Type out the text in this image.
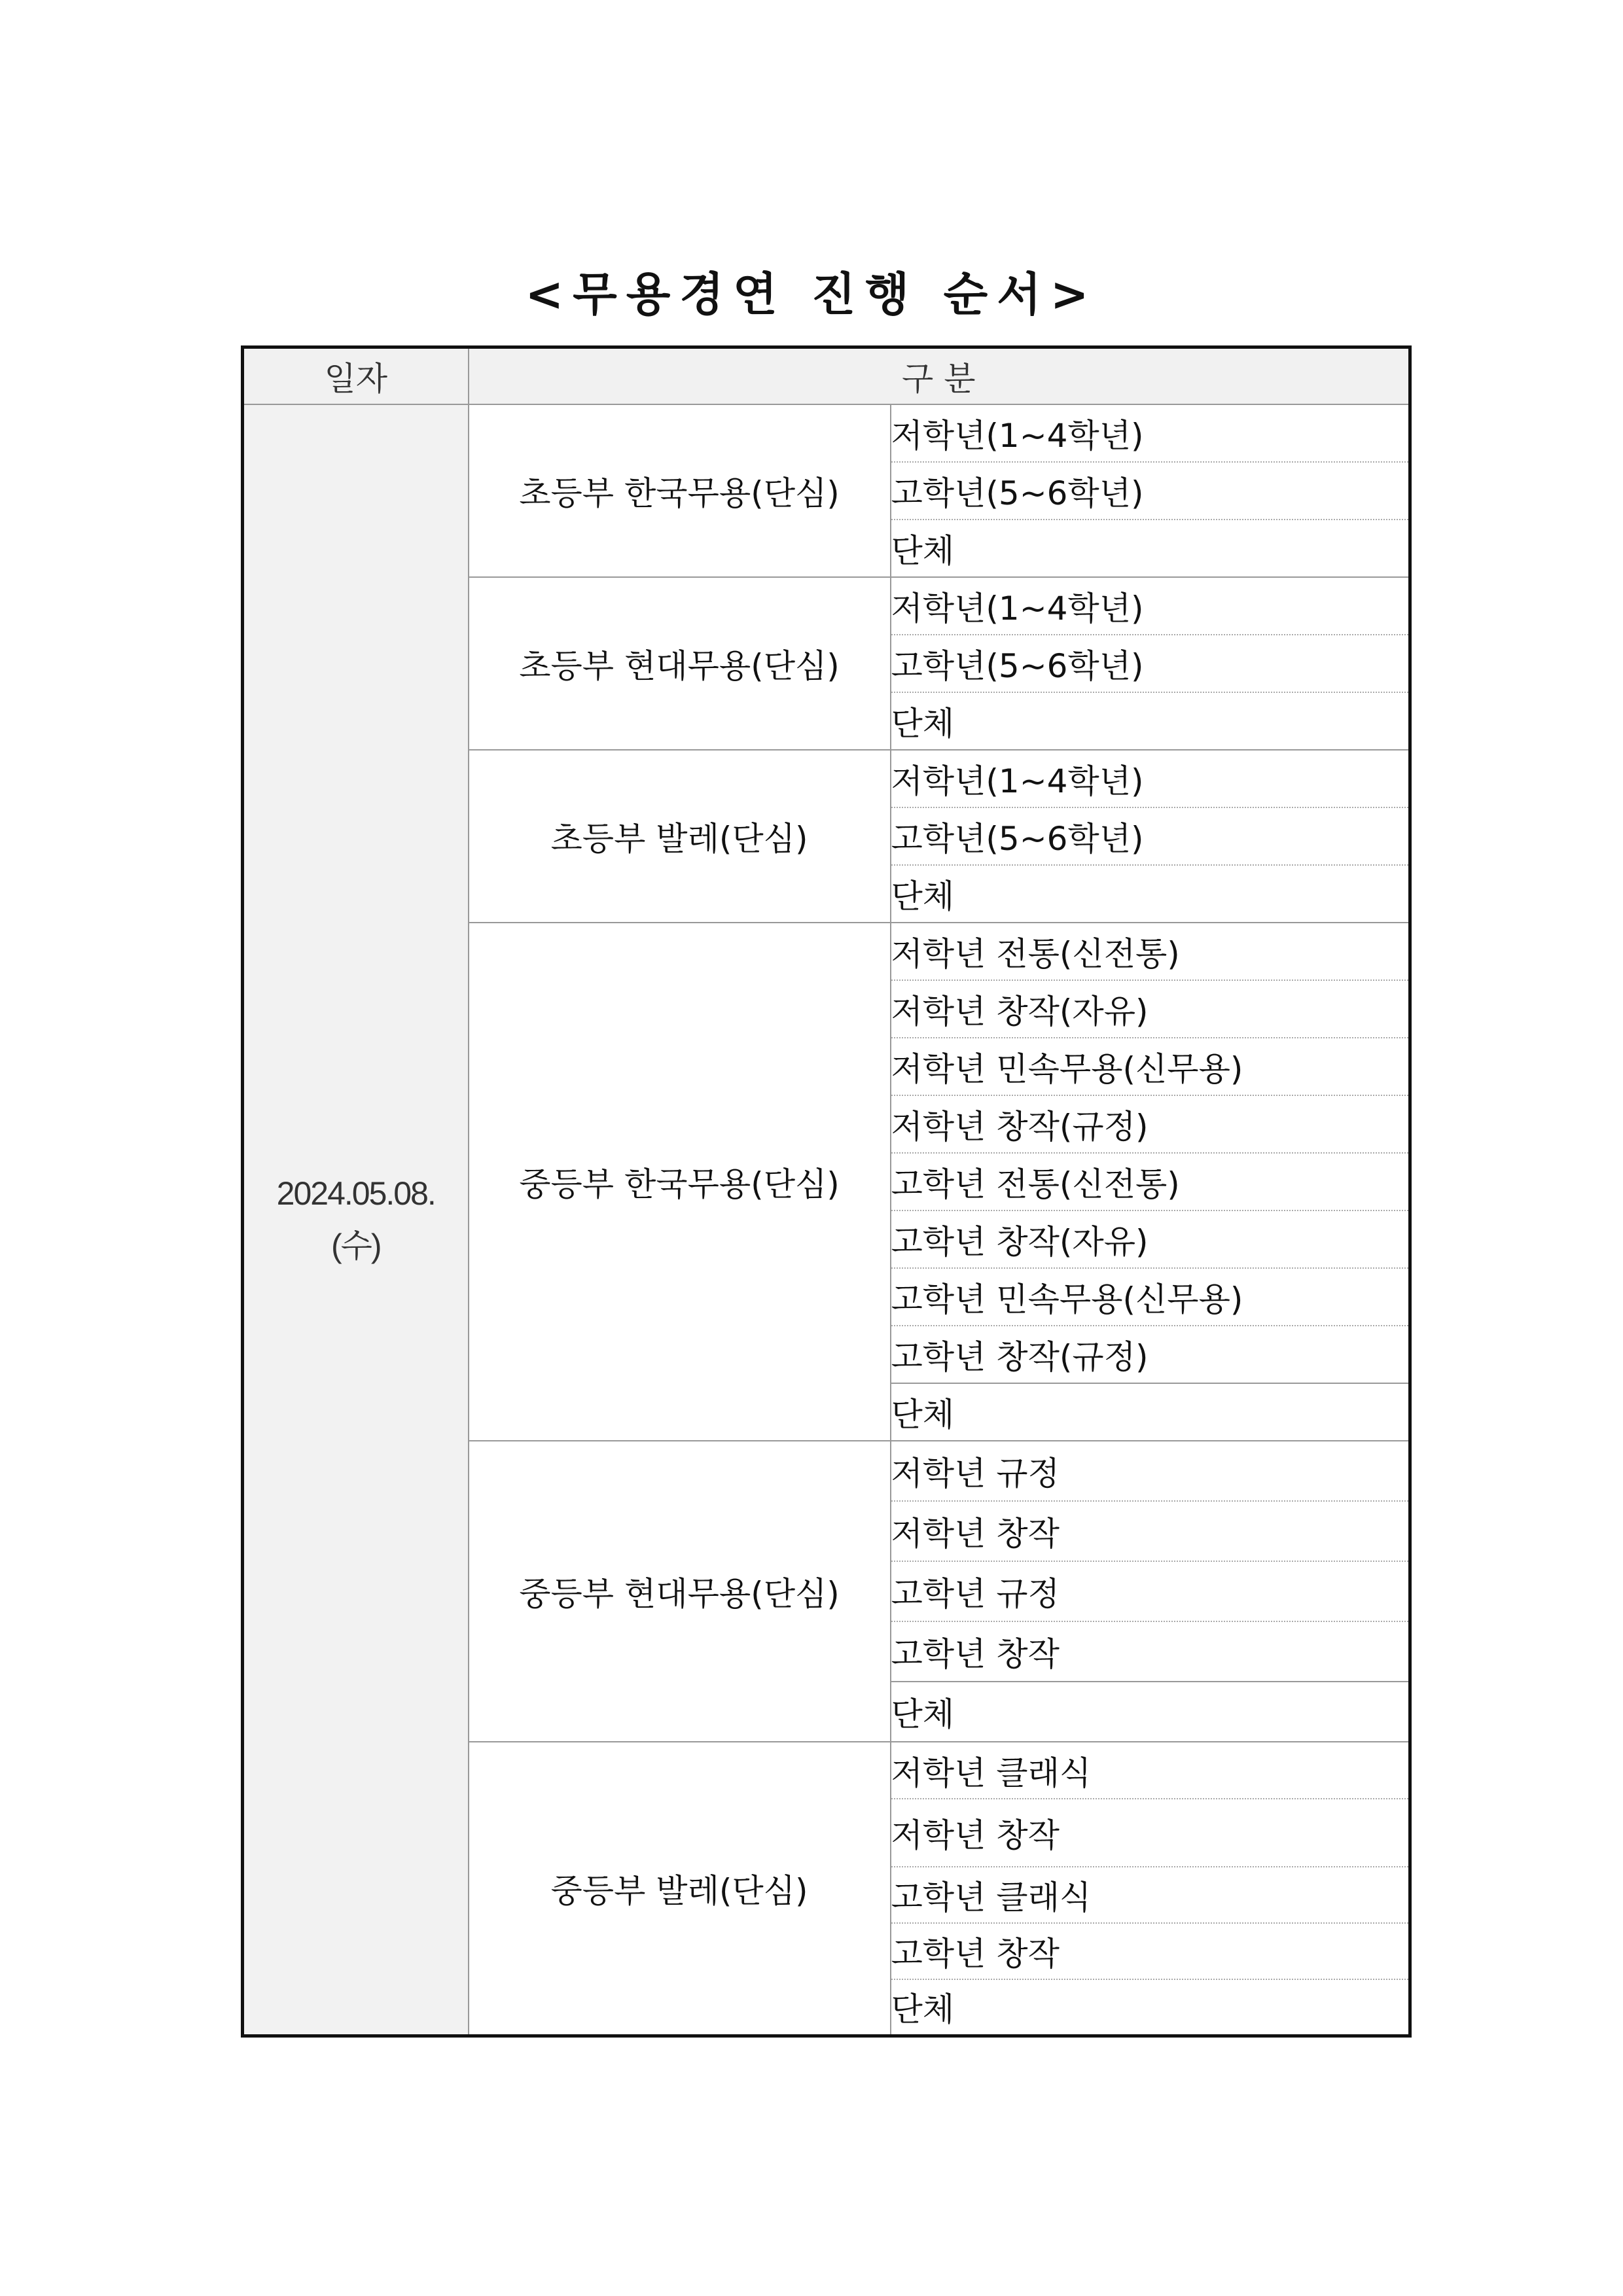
<무용경연 진행 순서>
일자	구 분	

2024.05.08.
(수)	초등부 한국무용(단심)	저학년(1~4학년)
		고학년(5~6학년)
		단체
	초등부 현대무용(단심)	저학년(1~4학년)
		고학년(5~6학년)
		단체
	초등부 발레(단심)	저학년(1~4학년)
		고학년(5~6학년)
		단체
	중등부 한국무용(단심)	저학년 전통(신전통)
		저학년 창작(자유)
		저학년 민속무용(신무용)
		저학년 창작(규정)
		고학년 전통(신전통)
		고학년 창작(자유)
		고학년 민속무용(신무용)
		고학년 창작(규정)
		단체
	중등부 현대무용(단심)	저학년 규정
		저학년 창작
		고학년 규정
		고학년 창작
		단체
	중등부 발레(단심)	저학년 클래식
		저학년 창작
		고학년 클래식
		고학년 창작
		단체
